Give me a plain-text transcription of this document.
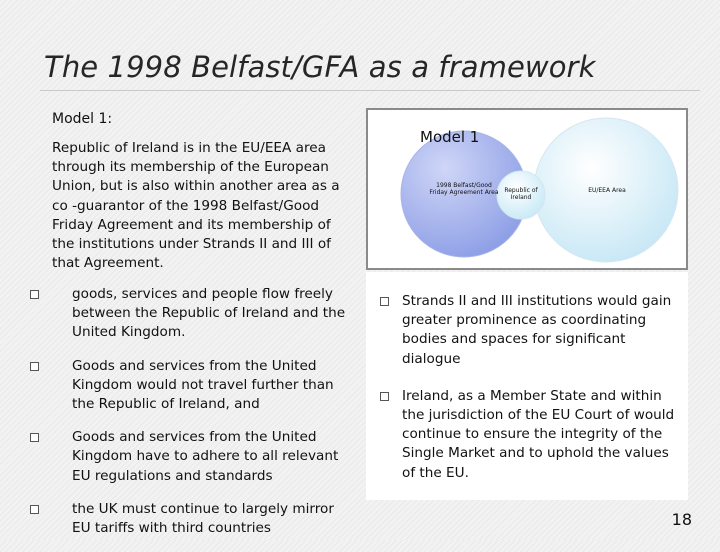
The 1998 Belfast/GFA as a framework
Model 1:
Republic of Ireland is in the EU/EEA area through its membership of the European Union, but is also within another area as a co -guarantor of the 1998 Belfast/Good Friday Agreement and its membership of the institutions under Strands II and III of that Agreement.
goods, services and people flow freely between the Republic of Ireland and the United Kingdom.
Goods and services from the United Kingdom would not travel further than the Republic of Ireland, and
Goods and services from the United Kingdom have to adhere to all relevant EU regulations and standards
the UK must continue to largely mirror EU tariffs with third countries
Model 1
1998 Belfast/Good Friday Agreement Area Republic of Ireland
EU/EEA Area
Strands II and III institutions would gain greater prominence as coordinating bodies and spaces for significant dialogue
Ireland, as a Member State and within the jurisdiction of the EU Court of would continue to ensure the integrity of the Single Market and to uphold the values of the EU.
18
